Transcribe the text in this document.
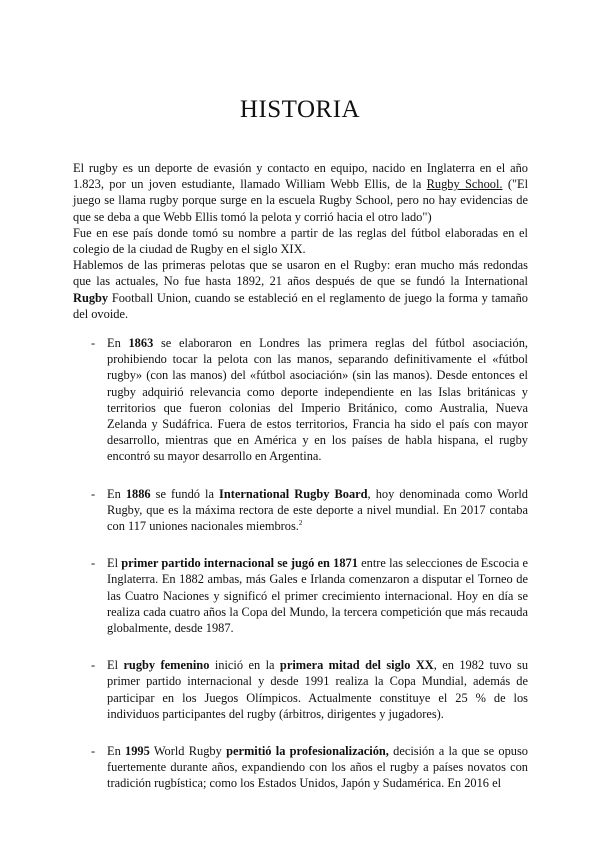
HISTORIA

El rugby es un deporte de evasión y contacto en equipo, nacido en Inglaterra en el año 1.823, por un joven estudiante, llamado William Webb Ellis, de la Rugby School. ("El juego se llama rugby porque surge en la escuela Rugby School, pero no hay evidencias de que se deba a que Webb Ellis tomó la pelota y corrió hacia el otro lado")

Fue en ese país donde tomó su nombre a partir de las reglas del fútbol elaboradas en el colegio de la ciudad de Rugby en el siglo XIX.

Hablemos de las primeras pelotas que se usaron en el Rugby: eran mucho más redondas que las actuales, No fue hasta 1892, 21 años después de que se fundó la International Rugby Football Union, cuando se estableció en el reglamento de juego la forma y tamaño del ovoide.

- En 1863 se elaboraron en Londres las primera reglas del fútbol asociación, prohibiendo tocar la pelota con las manos, separando definitivamente el «fútbol rugby» (con las manos) del «fútbol asociación» (sin las manos). Desde entonces el rugby adquirió relevancia como deporte independiente en las Islas británicas y territorios que fueron colonias del Imperio Británico, como Australia, Nueva Zelanda y Sudáfrica. Fuera de estos territorios, Francia ha sido el país con mayor desarrollo, mientras que en América y en los países de habla hispana, el rugby encontró su mayor desarrollo en Argentina.
- En 1886 se fundó la International Rugby Board, hoy denominada como World Rugby, que es la máxima rectora de este deporte a nivel mundial. En 2017 contaba con 117 uniones nacionales miembros.$^2$
- El primer partido internacional se jugó en 1871 entre las selecciones de Escocia e Inglaterra. En 1882 ambas, más Gales e Irlanda comenzaron a disputar el Torneo de las Cuatro Naciones y significó el primer crecimiento internacional. Hoy en día se realiza cada cuatro años la Copa del Mundo, la tercera competición que más recauda globalmente, desde 1987.
- El rugby femenino inició en la primera mitad del siglo XX, en 1982 tuvo su primer partido internacional y desde 1991 realiza la Copa Mundial, además de participar en los Juegos Olímpicos. Actualmente constituye el 25 % de los individuos participantes del rugby (árbitros, dirigentes y jugadores).
- En 1995 World Rugby permitió la profesionalización, decisión a la que se opuso fuertemente durante años, expandiendo con los años el rugby a países novatos con tradición rugbística; como los Estados Unidos, Japón y Sudamérica. En 2016 el
